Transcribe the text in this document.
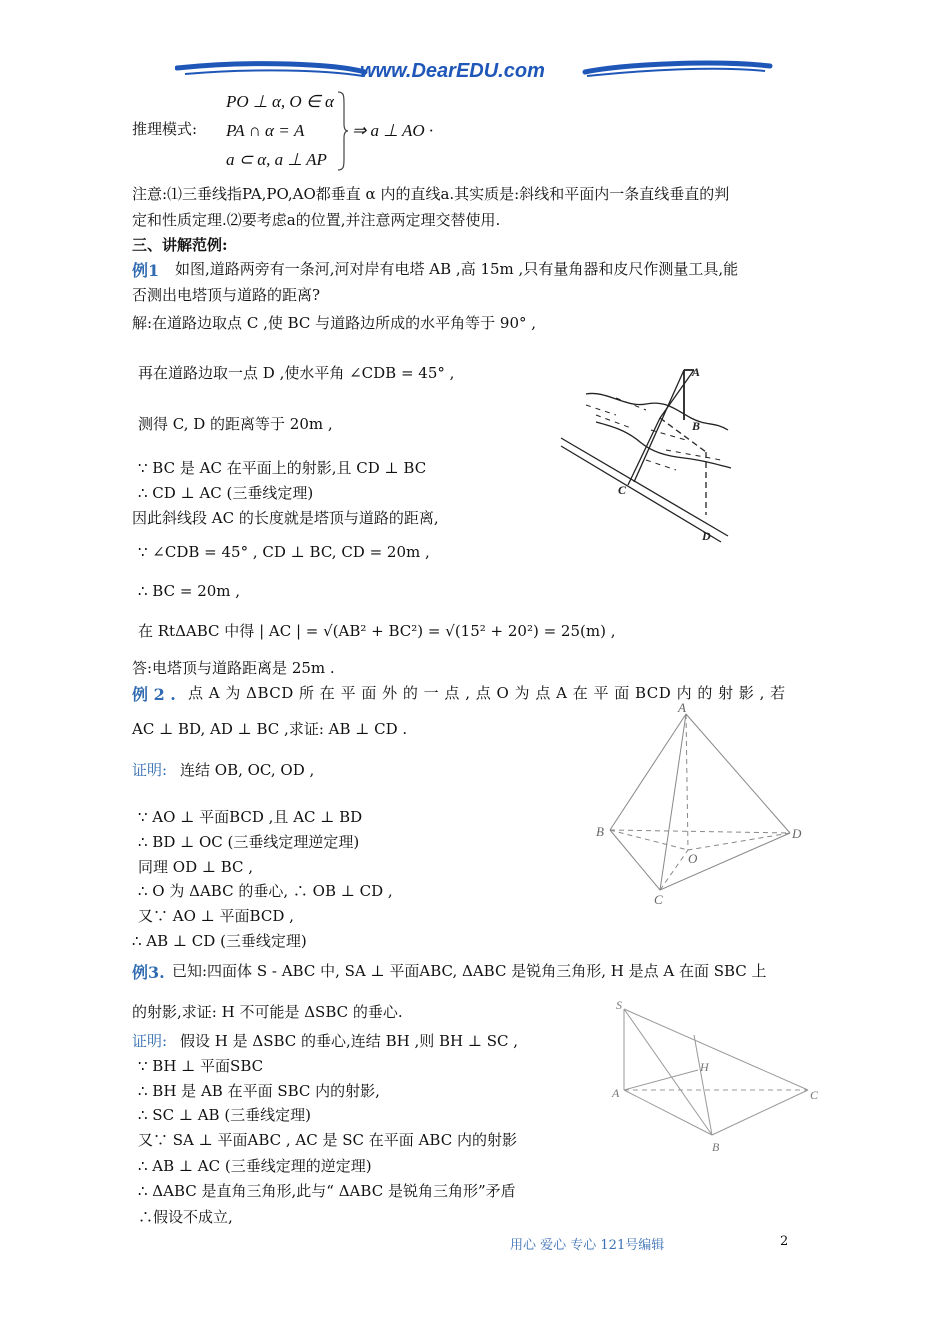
www.DearEDU.com
推理模式:
PO ⊥ α, O ∈ α
PA ∩ α = A
a ⊂ α, a ⊥ AP
⇒ a ⊥ AO ·
注意:⑴三垂线指PA,PO,AO都垂直 α 内的直线a.其实质是:斜线和平面内一条直线垂直的判
定和性质定理.⑵要考虑a的位置,并注意两定理交替使用.
三、讲解范例:
例1 如图,道路两旁有一条河,河对岸有电塔 AB ,高 15m ,只有量角器和皮尺作测量工具,能
否测出电塔顶与道路的距离?
解:在道路边取点 C ,使 BC 与道路边所成的水平角等于 90° ,
再在道路边取一点 D ,使水平角 ∠CDB = 45° ,
测得 C, D 的距离等于 20m ,
∵ BC 是 AC 在平面上的射影,且 CD ⊥ BC
∴ CD ⊥ AC (三垂线定理)
因此斜线段 AC 的长度就是塔顶与道路的距离,
∵ ∠CDB = 45° , CD ⊥ BC, CD = 20m ,
∴ BC = 20m ,
在 RtΔABC 中得 | AC | = √(AB² + BC²) = √(15² + 20²) = 25(m) ,
答:电塔顶与道路距离是 25m .
A
B
C
D
例 2 . 点 A 为 ΔBCD 所 在 平 面 外 的 一 点 , 点 O 为 点 A 在 平 面 BCD 内 的 射 影 , 若
AC ⊥ BD, AD ⊥ BC ,求证: AB ⊥ CD .
证明: 连结 OB, OC, OD ,
∵ AO ⊥ 平面BCD ,且 AC ⊥ BD
∴ BD ⊥ OC (三垂线定理逆定理)
同理 OD ⊥ BC ,
∴ O 为 ΔABC 的垂心, ∴ OB ⊥ CD ,
又∵ AO ⊥ 平面BCD ,
∴ AB ⊥ CD (三垂线定理)
A
B
C
D
O
例3. 已知:四面体 S - ABC 中, SA ⊥ 平面ABC, ΔABC 是锐角三角形, H 是点 A 在面 SBC 上
的射影,求证: H 不可能是 ΔSBC 的垂心.
证明: 假设 H 是 ΔSBC 的垂心,连结 BH ,则 BH ⊥ SC ,
∵ BH ⊥ 平面SBC
∴ BH 是 AB 在平面 SBC 内的射影,
∴ SC ⊥ AB (三垂线定理)
又∵ SA ⊥ 平面ABC , AC 是 SC 在平面 ABC 内的射影
∴ AB ⊥ AC (三垂线定理的逆定理)
∴ ΔABC 是直角三角形,此与“ ΔABC 是锐角三角形”矛盾
∴假设不成立,
S
H
A	C
B
用心 爱心 专心 121号编辑	2
